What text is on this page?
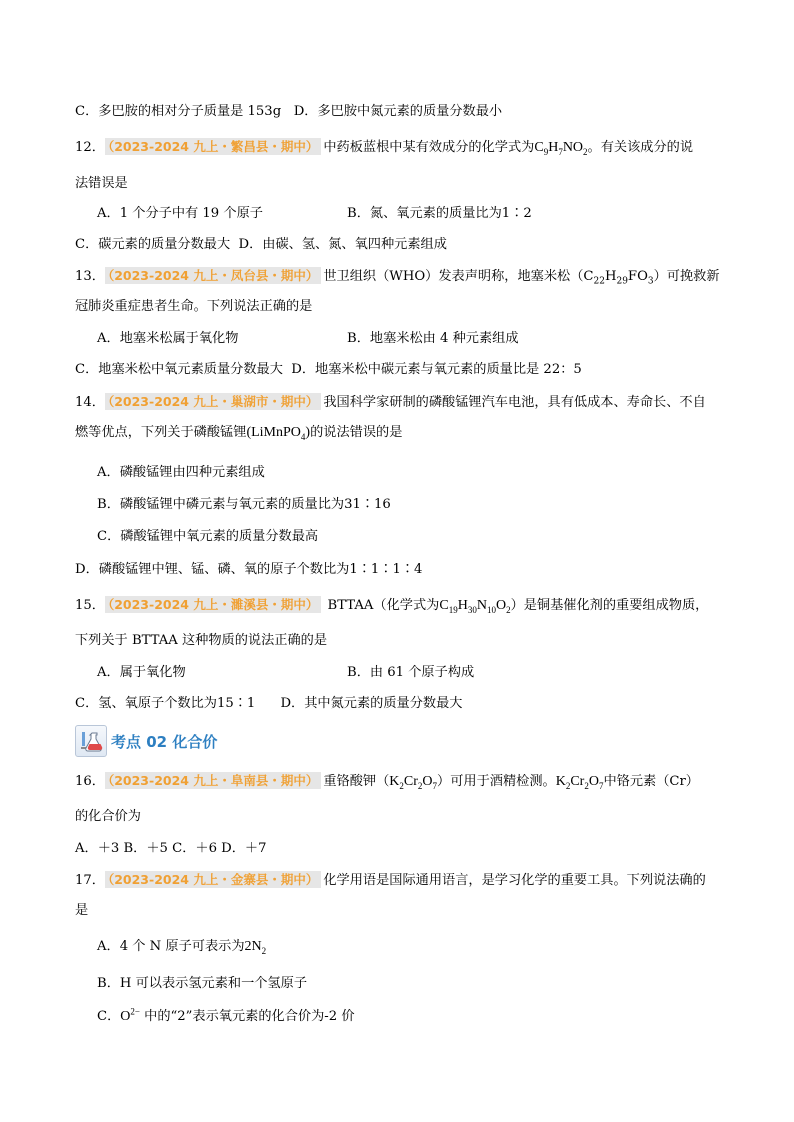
C．多巴胺的相对分子质量是 153g D．多巴胺中氮元素的质量分数最小
12． （2023-2024 九上・繁昌县・期中） 中药板蓝根中某有效成分的化学式为$C_9H_7NO_2$。有关该成分的说
法错误是
A．1 个分子中有 19 个原子	B．氮、氧元素的质量比为1∶2
C．碳元素的质量分数最大 D．由碳、氢、氮、氧四种元素组成
13． （2023-2024 九上・凤台县・期中） 世卫组织（WHO）发表声明称，地塞米松$(C_{22}H_{29}FO_3)$可挽救新
冠肺炎重症患者生命。下列说法正确的是
A．地塞米松属于氧化物	B．地塞米松由 4 种元素组成
C．地塞米松中氧元素质量分数最大 D．地塞米松中碳元素与氧元素的质量比是 22：5
14． （2023-2024 九上・巢湖市・期中） 我国科学家研制的磷酸锰锂汽车电池，具有低成本、寿命长、不自
燃等优点，下列关于磷酸锰锂(LiMnPO$_4$)的说法错误的是
A．磷酸锰锂由四种元素组成
B．磷酸锰锂中磷元素与氧元素的质量比为31∶16
C．磷酸锰锂中氧元素的质量分数最高
D．磷酸锰锂中锂、锰、磷、氧的原子个数比为1∶1∶1∶4
15． （2023-2024 九上・濉溪县・期中） BTTAA（化学式为$C_{19}H_{30}N_{10}O_2$）是铜基催化剂的重要组成物质，
下列关于 BTTAA 这种物质的说法正确的是
A．属于氧化物	B．由 61 个原子构成
C．氢、氧原子个数比为15∶1 D．其中氮元素的质量分数最大
考点 02 化合价
16． （2023-2024 九上・阜南县・期中） 重铬酸钾$(K_2Cr_2O_7)$可用于酒精检测。$K_2Cr_2O_7$中铬元素（Cr）
的化合价为
A．＋3 B．＋5 C．＋6 D．＋7
17． （2023-2024 九上・金寨县・期中） 化学用语是国际通用语言，是学习化学的重要工具。下列说法确的
是
A．4 个 N 原子可表示为$2N_2$
B．H 可以表示氢元素和一个氢原子
C．$O^{2-}$ 中的“2”表示氧元素的化合价为-2 价
